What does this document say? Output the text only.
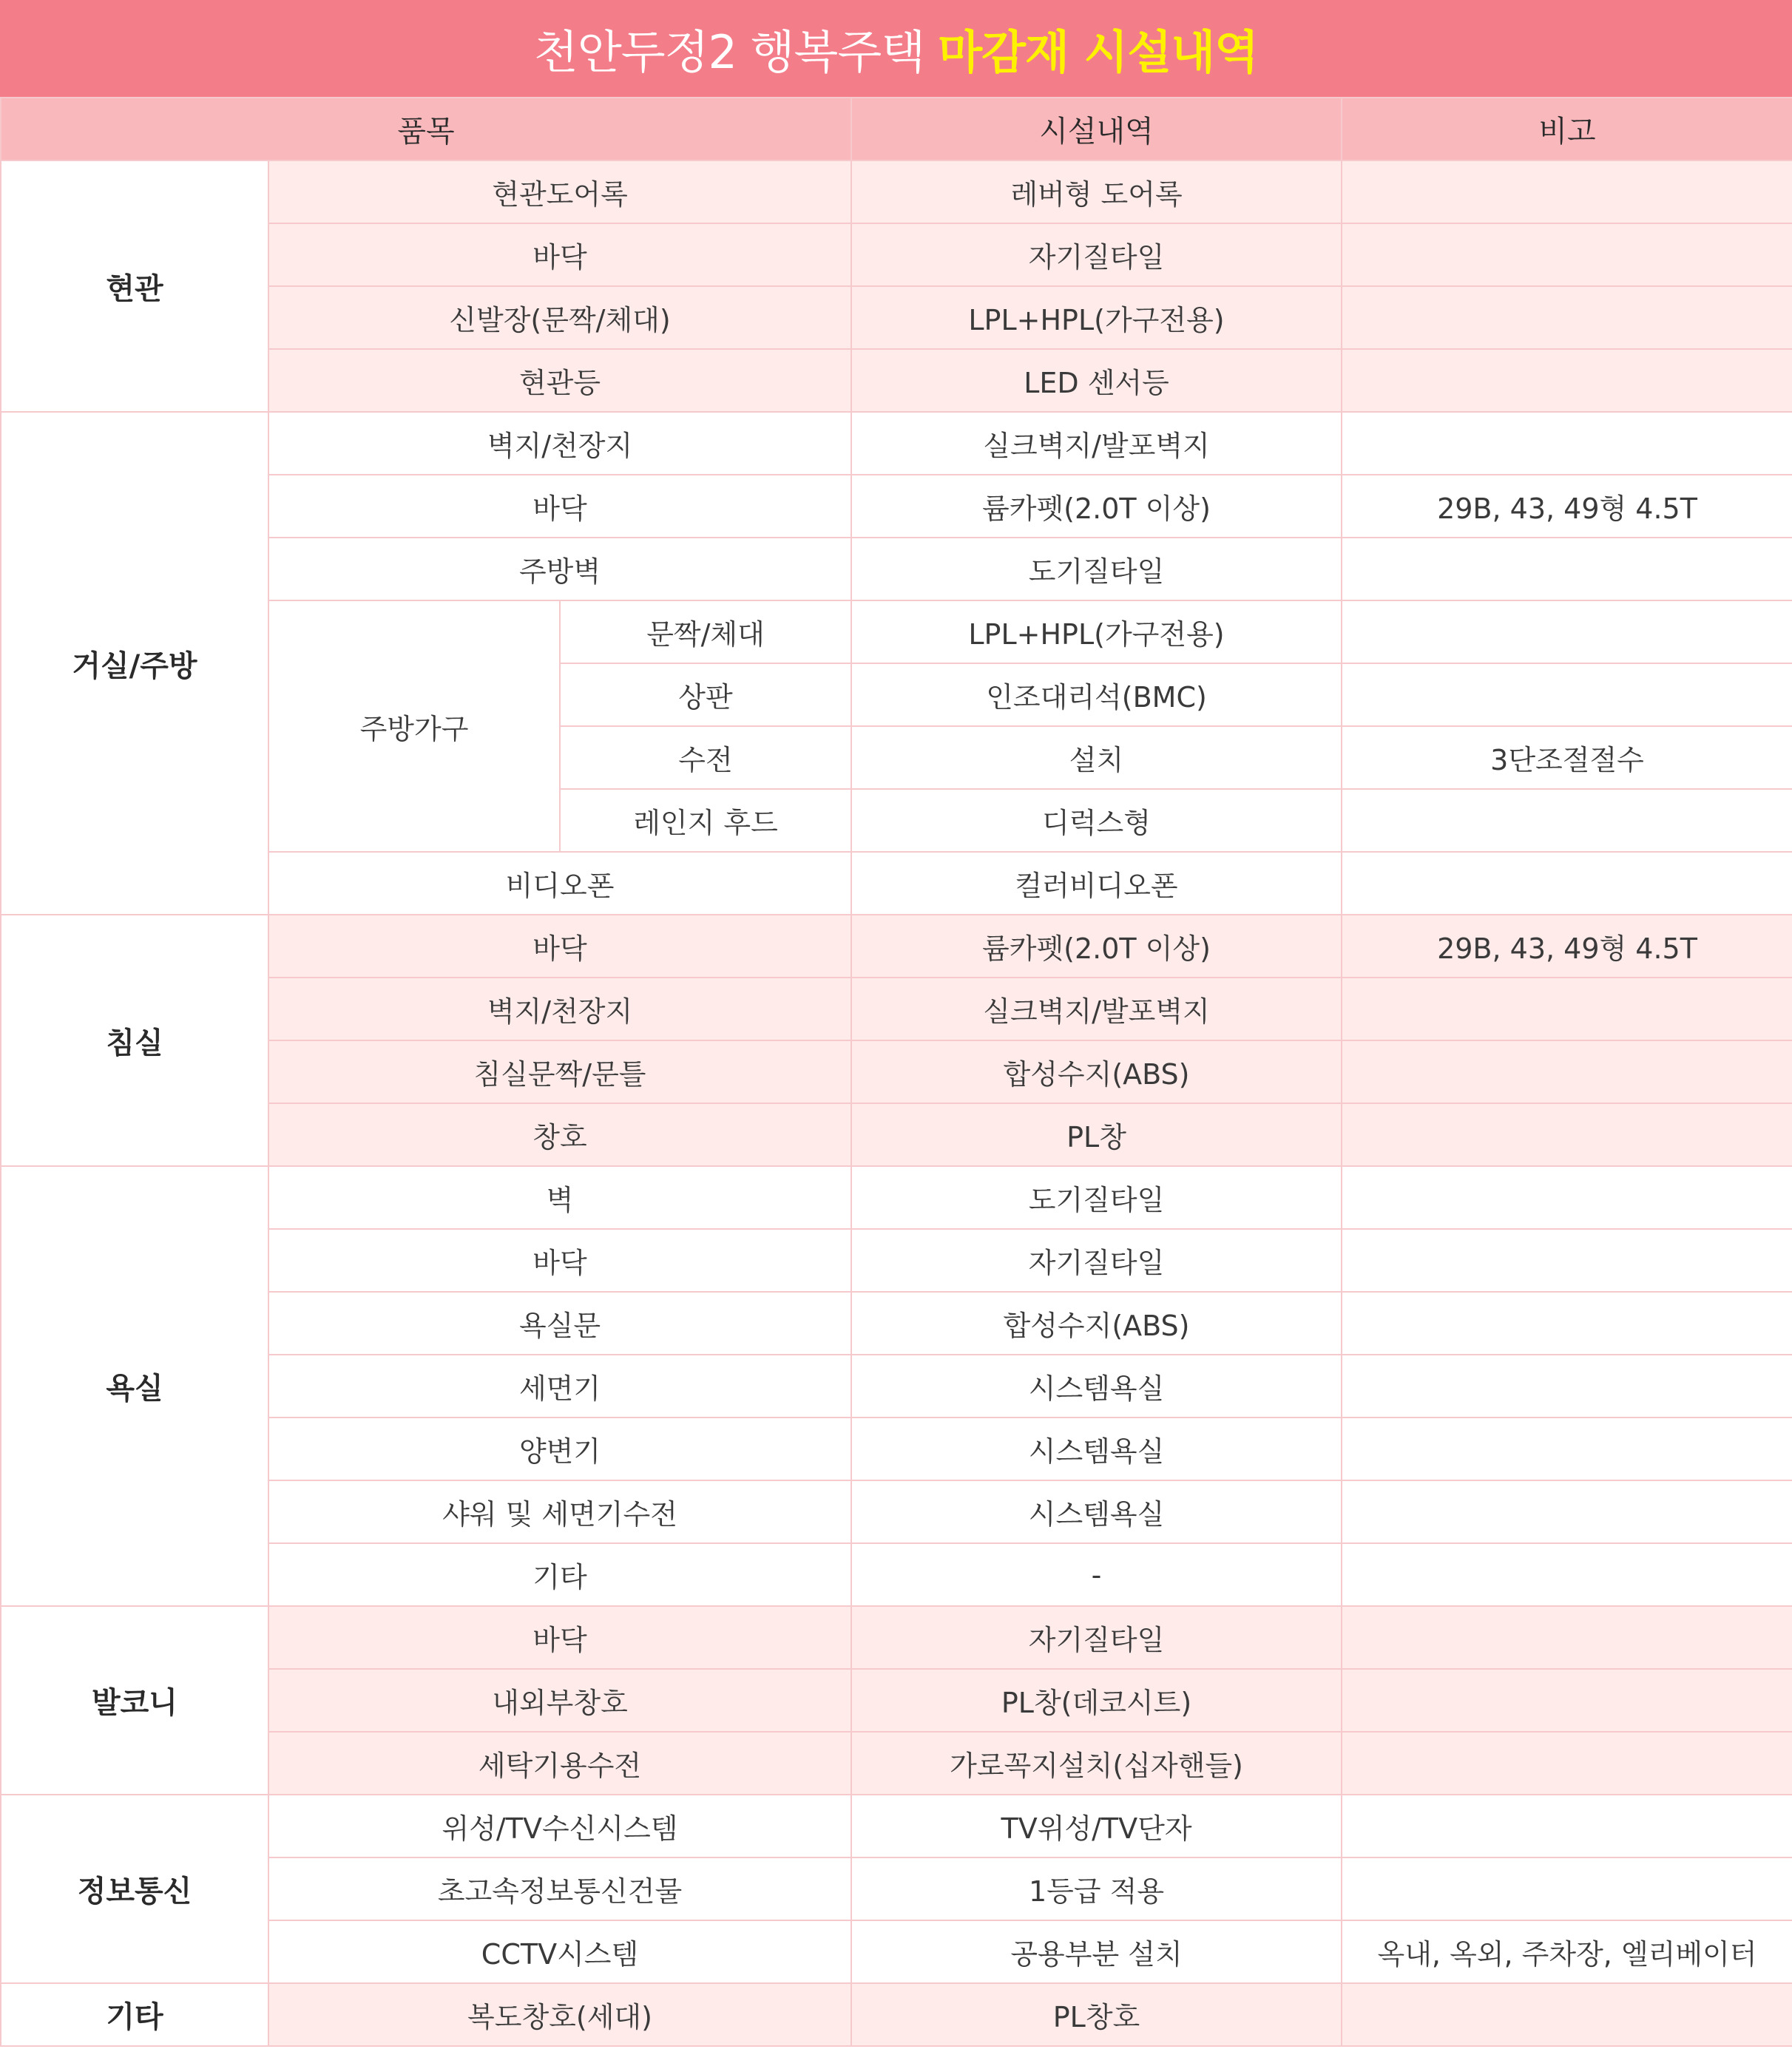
천안두정2 행복주택 마감재 시설내역
품목			시설내역	비고
현관	현관도어록		레버형 도어록	
	바닥		자기질타일	
	신발장(문짝/체대)		LPL+HPL(가구전용)	
	현관등		LED 센서등	
거실/주방	벽지/천장지		실크벽지/발포벽지	
	바닥		륨카펫(2.0T 이상)	29B, 43, 49형 4.5T
	주방벽		도기질타일	
	주방가구	문짝/체대	LPL+HPL(가구전용)	
		상판	인조대리석(BMC)	
		수전	설치	3단조절절수
		레인지 후드	디럭스형	
	비디오폰		컬러비디오폰	
침실	바닥		륨카펫(2.0T 이상)	29B, 43, 49형 4.5T
	벽지/천장지		실크벽지/발포벽지	
	침실문짝/문틀		합성수지(ABS)	
	창호		PL창	
욕실	벽		도기질타일	
	바닥		자기질타일	
	욕실문		합성수지(ABS)	
	세면기		시스템욕실	
	양변기		시스템욕실	
	샤워 및 세면기수전		시스템욕실	
	기타		-	
발코니	바닥		자기질타일	
	내외부창호		PL창(데코시트)	
	세탁기용수전		가로꼭지설치(십자핸들)	
정보통신	위성/TV수신시스템		TV위성/TV단자	
	초고속정보통신건물		1등급 적용	
	CCTV시스템		공용부분 설치	옥내, 옥외, 주차장, 엘리베이터
기타	복도창호(세대)		PL창호	
